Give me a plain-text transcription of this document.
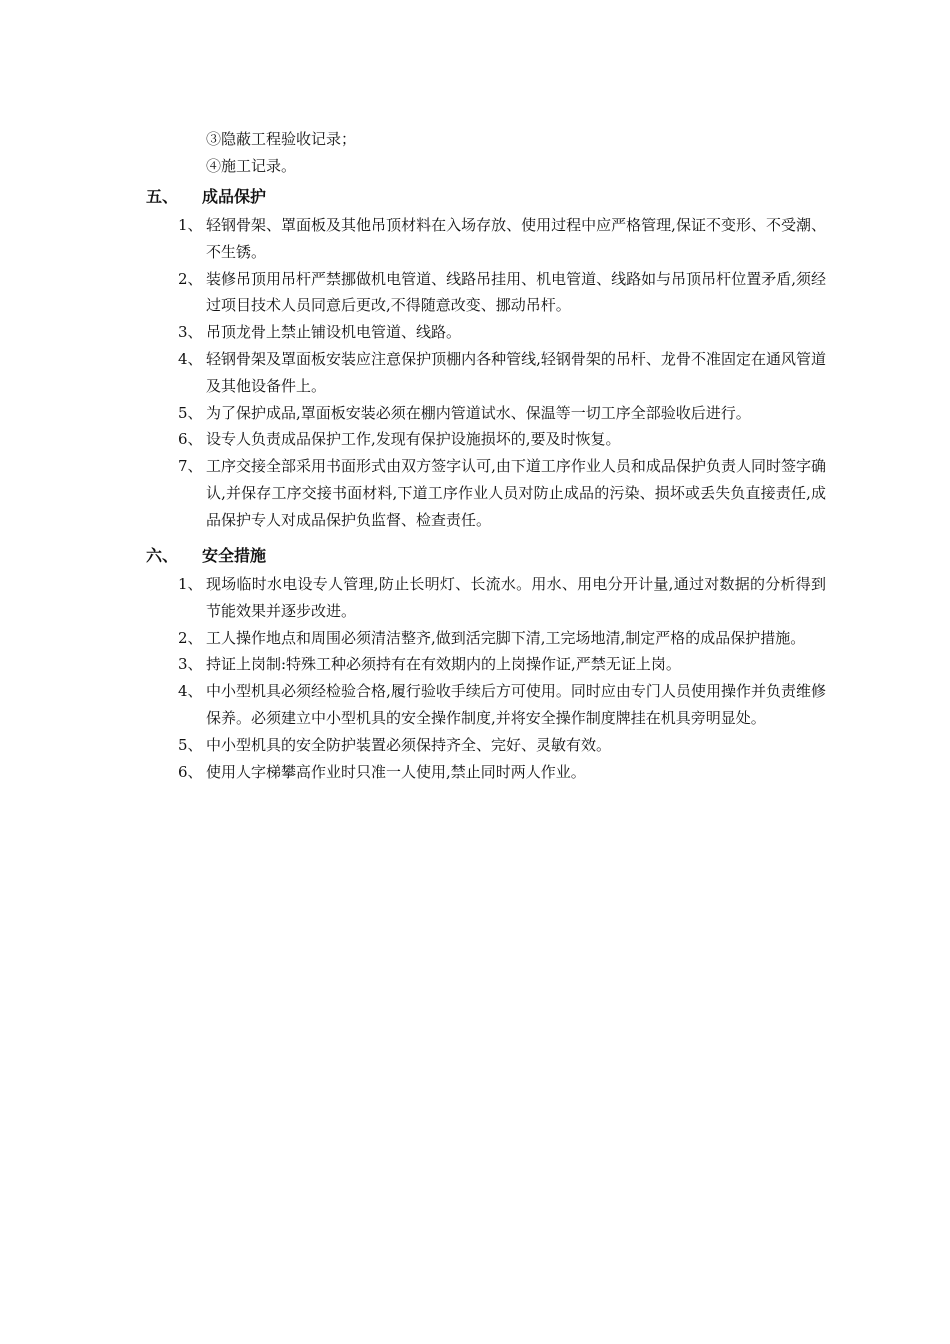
③隐蔽工程验收记录；
④施工记录。
五、	成品保护
1、 轻钢骨架、罩面板及其他吊顶材料在入场存放、使用过程中应严格管理,保证不变形、不受潮、不生锈。
2、 装修吊顶用吊杆严禁挪做机电管道、线路吊挂用、机电管道、线路如与吊顶吊杆位置矛盾,须经过项目技术人员同意后更改,不得随意改变、挪动吊杆。
3、 吊顶龙骨上禁止铺设机电管道、线路。
4、 轻钢骨架及罩面板安装应注意保护顶棚内各种管线,轻钢骨架的吊杆、龙骨不准固定在通风管道及其他设备件上。
5、 为了保护成品,罩面板安装必须在棚内管道试水、保温等一切工序全部验收后进行。
6、 设专人负责成品保护工作,发现有保护设施损坏的,要及时恢复。
7、 工序交接全部采用书面形式由双方签字认可,由下道工序作业人员和成品保护负责人同时签字确认,并保存工序交接书面材料,下道工序作业人员对防止成品的污染、损坏或丢失负直接责任,成品保护专人对成品保护负监督、检查责任。
六、	安全措施
1、 现场临时水电设专人管理,防止长明灯、长流水。用水、用电分开计量,通过对数据的分析得到节能效果并逐步改进。
2、 工人操作地点和周围必须清洁整齐,做到活完脚下清,工完场地清,制定严格的成品保护措施。
3、 持证上岗制:特殊工种必须持有在有效期内的上岗操作证,严禁无证上岗。
4、 中小型机具必须经检验合格,履行验收手续后方可使用。同时应由专门人员使用操作并负责维修保养。必须建立中小型机具的安全操作制度,并将安全操作制度牌挂在机具旁明显处。
5、 中小型机具的安全防护装置必须保持齐全、完好、灵敏有效。
6、 使用人字梯攀高作业时只准一人使用,禁止同时两人作业。
